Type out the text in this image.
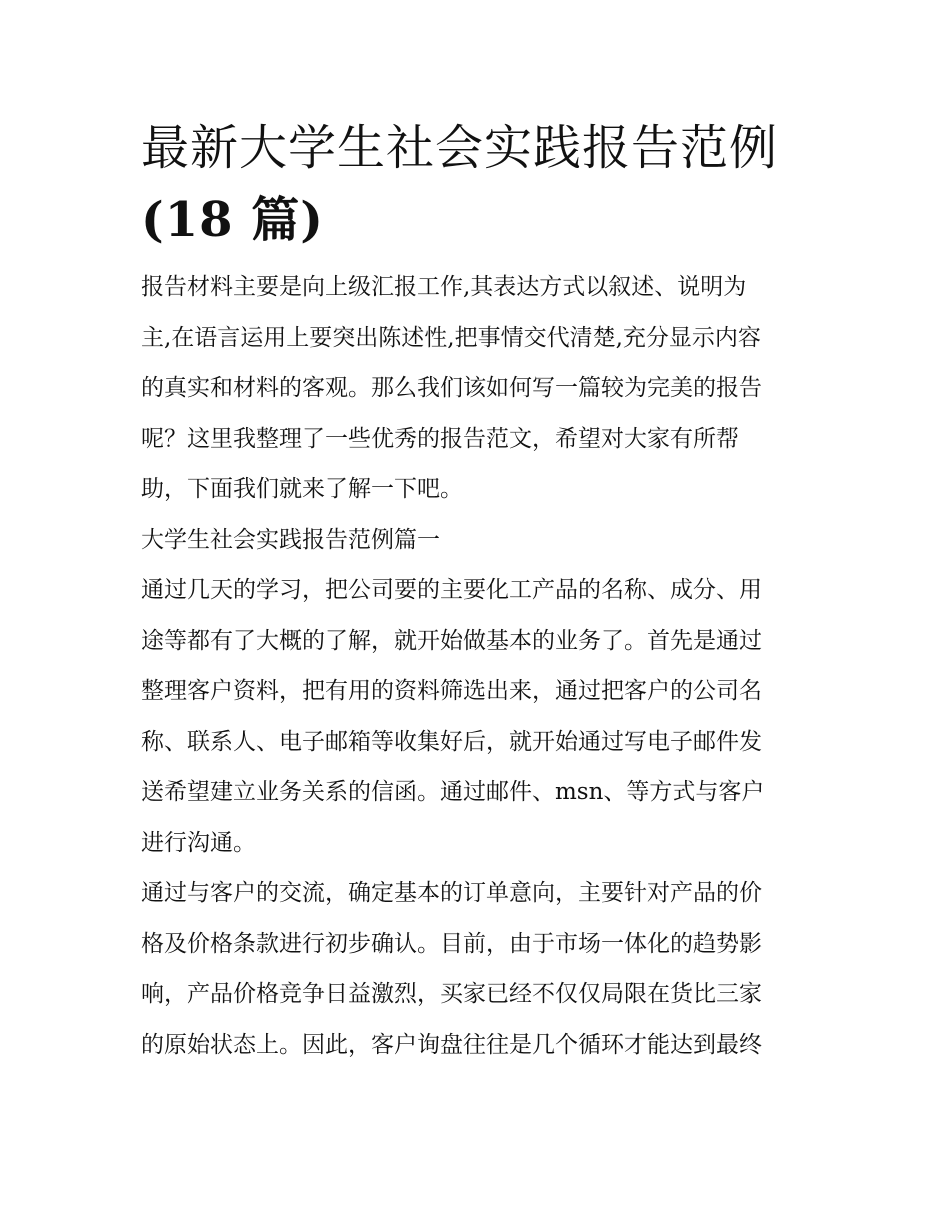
最新大学生社会实践报告范例
(18 篇)

报告材料主要是向上级汇报工作,其表达方式以叙述、说明为
主,在语言运用上要突出陈述性,把事情交代清楚,充分显示内容
的真实和材料的客观。那么我们该如何写一篇较为完美的报告
呢？这里我整理了一些优秀的报告范文，希望对大家有所帮
助，下面我们就来了解一下吧。

大学生社会实践报告范例篇一

通过几天的学习，把公司要的主要化工产品的名称、成分、用
途等都有了大概的了解，就开始做基本的业务了。首先是通过
整理客户资料，把有用的资料筛选出来，通过把客户的公司名
称、联系人、电子邮箱等收集好后，就开始通过写电子邮件发
送希望建立业务关系的信函。通过邮件、msn、等方式与客户
进行沟通。

通过与客户的交流，确定基本的订单意向，主要针对产品的价
格及价格条款进行初步确认。目前，由于市场一体化的趋势影
响，产品价格竞争日益激烈，买家已经不仅仅局限在货比三家
的原始状态上。因此，客户询盘往往是几个循环才能达到最终
